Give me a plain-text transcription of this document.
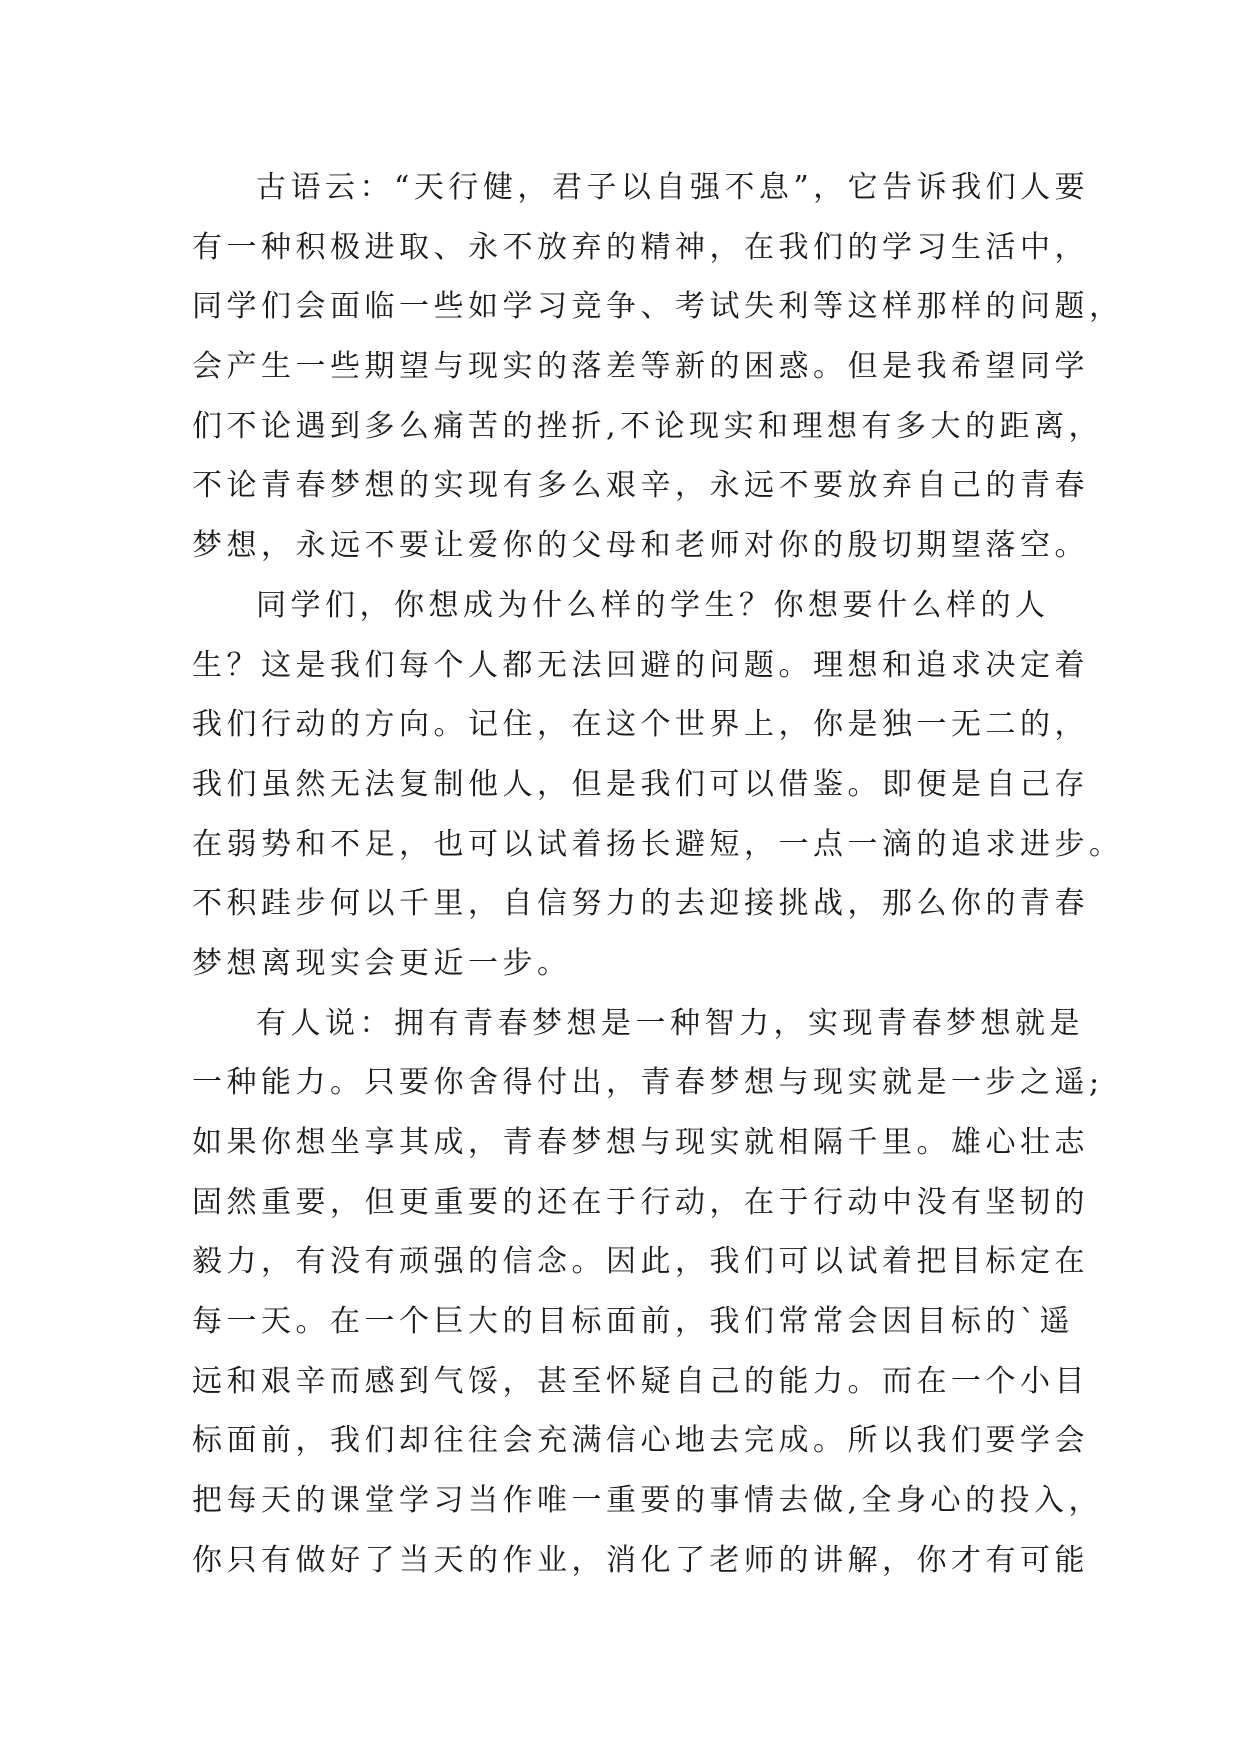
古语云：“天行健，君子以自强不息”，它告诉我们人要
有一种积极进取、永不放弃的精神，在我们的学习生活中，
同学们会面临一些如学习竞争、考试失利等这样那样的问题，
会产生一些期望与现实的落差等新的困惑。但是我希望同学
们不论遇到多么痛苦的挫折,不论现实和理想有多大的距离，
不论青春梦想的实现有多么艰辛，永远不要放弃自己的青春
梦想，永远不要让爱你的父母和老师对你的殷切期望落空。
同学们，你想成为什么样的学生？你想要什么样的人
生？这是我们每个人都无法回避的问题。理想和追求决定着
我们行动的方向。记住，在这个世界上，你是独一无二的，
我们虽然无法复制他人，但是我们可以借鉴。即便是自己存
在弱势和不足，也可以试着扬长避短，一点一滴的追求进步。
不积跬步何以千里，自信努力的去迎接挑战，那么你的青春
梦想离现实会更近一步。
有人说：拥有青春梦想是一种智力，实现青春梦想就是
一种能力。只要你舍得付出，青春梦想与现实就是一步之遥;
如果你想坐享其成，青春梦想与现实就相隔千里。雄心壮志
固然重要，但更重要的还在于行动，在于行动中没有坚韧的
毅力，有没有顽强的信念。因此，我们可以试着把目标定在
每一天。在一个巨大的目标面前，我们常常会因目标的`遥
远和艰辛而感到气馁，甚至怀疑自己的能力。而在一个小目
标面前，我们却往往会充满信心地去完成。所以我们要学会
把每天的课堂学习当作唯一重要的事情去做,全身心的投入，
你只有做好了当天的作业，消化了老师的讲解，你才有可能
